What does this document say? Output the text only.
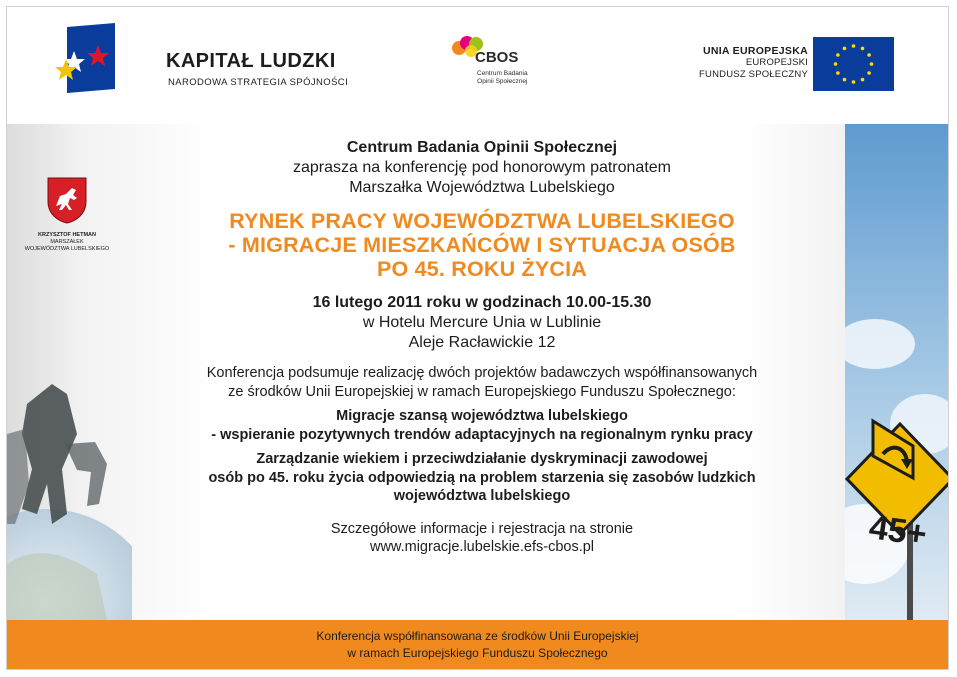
KAPITAŁ LUDZKI
NARODOWA STRATEGIA SPÓJNOŚCI
CBOS
Centrum Badania
Opinii Społecznej
UNIA EUROPEJSKA
EUROPEJSKI
FUNDUSZ SPOŁECZNY
KRZYSZTOF HETMAN
MARSZAŁEK
WOJEWÓDZTWA LUBELSKIEGO
45+
Centrum Badania Opinii Społecznej
zaprasza na konferencję pod honorowym patronatem
Marszałka Województwa Lubelskiego
RYNEK PRACY WOJEWÓDZTWA LUBELSKIEGO
- MIGRACJE MIESZKAŃCÓW I SYTUACJA OSÓB
PO 45. ROKU ŻYCIA
16 lutego 2011 roku w godzinach 10.00-15.30
w Hotelu Mercure Unia w Lublinie
Aleje Racławickie 12
Konferencja podsumuje realizację dwóch projektów badawczych współfinansowanych
ze środków Unii Europejskiej w ramach Europejskiego Funduszu Społecznego:
Migracje szansą województwa lubelskiego
- wspieranie pozytywnych trendów adaptacyjnych na regionalnym rynku pracy
Zarządzanie wiekiem i przeciwdziałanie dyskryminacji zawodowej
osób po 45. roku życia odpowiedzią na problem starzenia się zasobów ludzkich
województwa lubelskiego
Szczegółowe informacje i rejestracja na stronie
www.migracje.lubelskie.efs-cbos.pl
Konferencja współfinansowana ze środków Unii Europejskiej
w ramach Europejskiego Funduszu Społecznego
